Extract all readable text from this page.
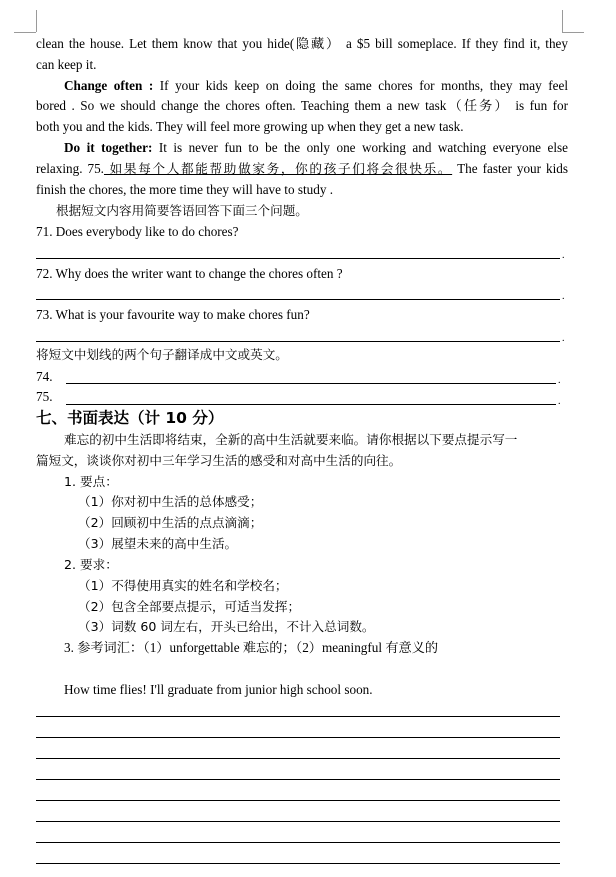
clean the house. Let them know that you hide(隐藏） a $5 bill someplace. If they find it, they
can keep it.
Change often : If your kids keep on doing the same chores for months, they may feel
bored . So we should change the chores often. Teaching them a new task（任务） is fun for
both you and the kids. They will feel more growing up when they get a new task.
Do it together: It is never fun to be the only one working and watching everyone else
relaxing. 75. 如果每个人都能帮助做家务，你的孩子们将会很快乐。 The faster your kids
finish the chores, the more time they will have to study .
根据短文内容用简要答语回答下面三个问题。
71. Does everybody like to do chores?
.
72. Why does the writer want to change the chores often ?
.
73. What is your favourite way to make chores fun?
.
将短文中划线的两个句子翻译成中文或英文。
74.	.
75.	.
七、书面表达（计 10 分）
难忘的初中生活即将结束，全新的高中生活就要来临。请你根据以下要点提示写一
篇短文，谈谈你对初中三年学习生活的感受和对高中生活的向往。
1. 要点：
（1）你对初中生活的总体感受；
（2）回顾初中生活的点点滴滴；
（3）展望未来的高中生活。
2. 要求：
（1）不得使用真实的姓名和学校名；
（2）包含全部要点提示，可适当发挥；
（3）词数 60 词左右，开头已给出，不计入总词数。
3. 参考词汇：（1）unforgettable 难忘的；（2）meaningful 有意义的
How time flies! I'll graduate from junior high school soon.
